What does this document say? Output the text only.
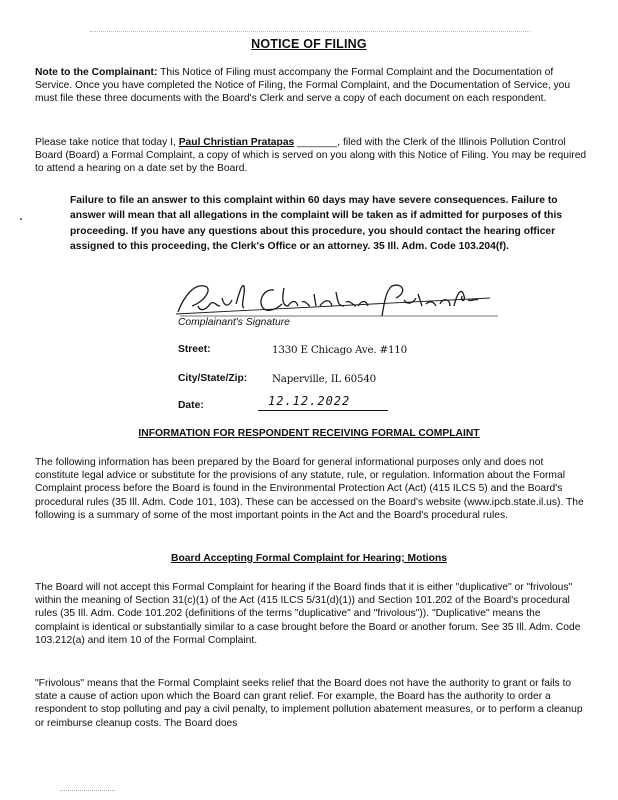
NOTICE OF FILING
Note to the Complainant: This Notice of Filing must accompany the Formal Complaint and the Documentation of Service. Once you have completed the Notice of Filing, the Formal Complaint, and the Documentation of Service, you must file these three documents with the Board's Clerk and serve a copy of each document on each respondent.
Please take notice that today I, Paul Christian Pratapas _______, filed with the Clerk of the Illinois Pollution Control Board (Board) a Formal Complaint, a copy of which is served on you along with this Notice of Filing. You may be required to attend a hearing on a date set by the Board.
Failure to file an answer to this complaint within 60 days may have severe consequences. Failure to answer will mean that all allegations in the complaint will be taken as if admitted for purposes of this proceeding. If you have any questions about this procedure, you should contact the hearing officer assigned to this proceeding, the Clerk's Office or an attorney. 35 Ill. Adm. Code 103.204(f).
Complainant's Signature
Street:	1330 E Chicago Ave. #110
City/State/Zip: Naperville, IL 60540
Date:	12.12.2022
INFORMATION FOR RESPONDENT RECEIVING FORMAL COMPLAINT
The following information has been prepared by the Board for general informational purposes only and does not constitute legal advice or substitute for the provisions of any statute, rule, or regulation. Information about the Formal Complaint process before the Board is found in the Environmental Protection Act (Act) (415 ILCS 5) and the Board's procedural rules (35 Ill. Adm. Code 101, 103). These can be accessed on the Board's website (www.ipcb.state.il.us). The following is a summary of some of the most important points in the Act and the Board's procedural rules.
Board Accepting Formal Complaint for Hearing; Motions
The Board will not accept this Formal Complaint for hearing if the Board finds that it is either "duplicative" or "frivolous" within the meaning of Section 31(c)(1) of the Act (415 ILCS 5/31(d)(1)) and Section 101.202 of the Board's procedural rules (35 Ill. Adm. Code 101.202 (definitions of the terms "duplicative" and "frivolous")). "Duplicative" means the complaint is identical or substantially similar to a case brought before the Board or another forum. See 35 Ill. Adm. Code 103.212(a) and item 10 of the Formal Complaint.
"Frivolous" means that the Formal Complaint seeks relief that the Board does not have the authority to grant or fails to state a cause of action upon which the Board can grant relief. For example, the Board has the authority to order a respondent to stop polluting and pay a civil penalty, to implement pollution abatement measures, or to perform a cleanup or reimburse cleanup costs. The Board does
